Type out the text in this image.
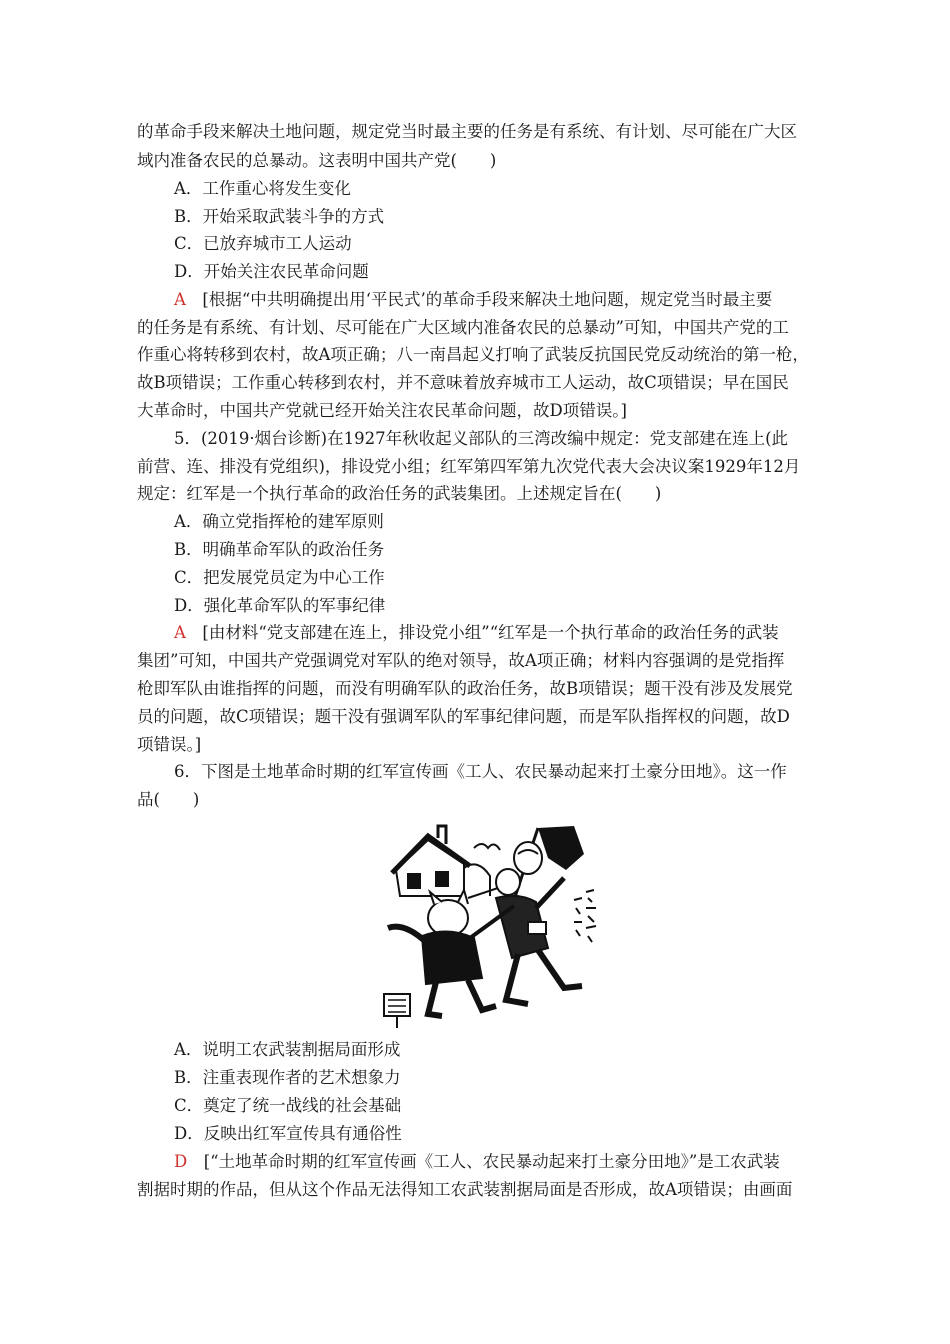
的革命手段来解决土地问题，规定党当时最主要的任务是有系统、有计划、尽可能在广大区
域内准备农民的总暴动。这表明中国共产党(　　)
A．工作重心将发生变化
B．开始采取武装斗争的方式
C．已放弃城市工人运动
D．开始关注农民革命问题
A　 [根据“中共明确提出用‘平民式’的革命手段来解决土地问题，规定党当时最主要
的任务是有系统、有计划、尽可能在广大区域内准备农民的总暴动”可知，中国共产党的工
作重心将转移到农村，故A项正确；八一南昌起义打响了武装反抗国民党反动统治的第一枪，
故B项错误；工作重心转移到农村，并不意味着放弃城市工人运动，故C项错误；早在国民
大革命时，中国共产党就已经开始关注农民革命问题，故D项错误。]
5．(2019·烟台诊断)在1927年秋收起义部队的三湾改编中规定：党支部建在连上(此
前营、连、排没有党组织)，排设党小组；红军第四军第九次党代表大会决议案1929年12月
规定：红军是一个执行革命的政治任务的武装集团。上述规定旨在(　　)
A．确立党指挥枪的建军原则
B．明确革命军队的政治任务
C．把发展党员定为中心工作
D．强化革命军队的军事纪律
A　 [由材料“党支部建在连上，排设党小组”“红军是一个执行革命的政治任务的武装
集团”可知，中国共产党强调党对军队的绝对领导，故A项正确；材料内容强调的是党指挥
枪即军队由谁指挥的问题，而没有明确军队的政治任务，故B项错误；题干没有涉及发展党
员的问题，故C项错误；题干没有强调军队的军事纪律问题，而是军队指挥权的问题，故D
项错误。]
6．下图是土地革命时期的红军宣传画《工人、农民暴动起来打土豪分田地》。这一作
品(　　)
A．说明工农武装割据局面形成
B．注重表现作者的艺术想象力
C．奠定了统一战线的社会基础
D．反映出红军宣传具有通俗性
D　 [“土地革命时期的红军宣传画《工人、农民暴动起来打土豪分田地》”是工农武装
割据时期的作品，但从这个作品无法得知工农武装割据局面是否形成，故A项错误；由画面
